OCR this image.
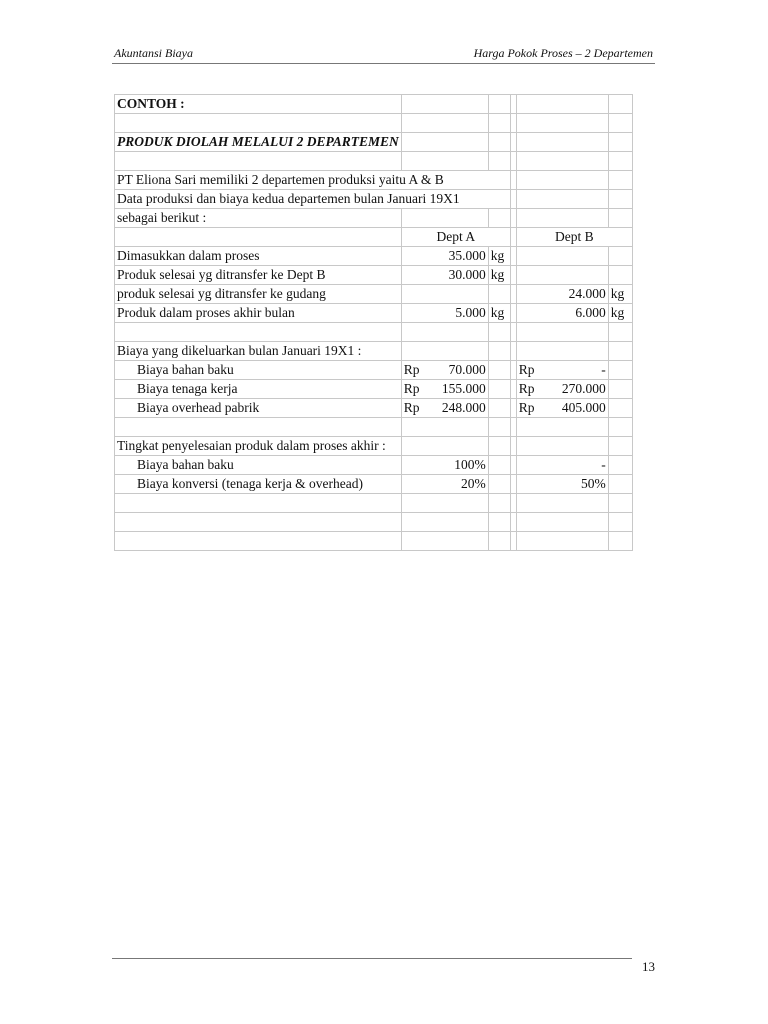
Akuntansi Biaya	Harga Pokok Proses – 2 Departemen
CONTOH :					

PRODUK DIOLAH MELALUI 2 DEPARTEMEN					

PT Eliona Sari memiliki 2 departemen produksi yaitu A & B					
Data produksi dan biaya kedua departemen bulan Januari 19X1					
sebagai berikut :					
	Dept A			Dept B	
Dimasukkan dalam proses	35.000	kg			
Produk selesai yg ditransfer ke Dept B	30.000	kg			
produk selesai yg ditransfer ke gudang				24.000	kg
Produk dalam proses akhir bulan	5.000	kg		6.000	kg

Biaya yang dikeluarkan bulan Januari 19X1 :					
Biaya bahan baku	Rp 70.000			Rp -	

Biaya tenaga kerja	Rp 155.000			Rp 270.000	

Biaya overhead pabrik	Rp 248.000			Rp 405.000	

Tingkat penyelesaian produk dalam proses akhir :					
Biaya bahan baku	100%			-	
Biaya konversi (tenaga kerja & overhead)	20%			50%	

13
